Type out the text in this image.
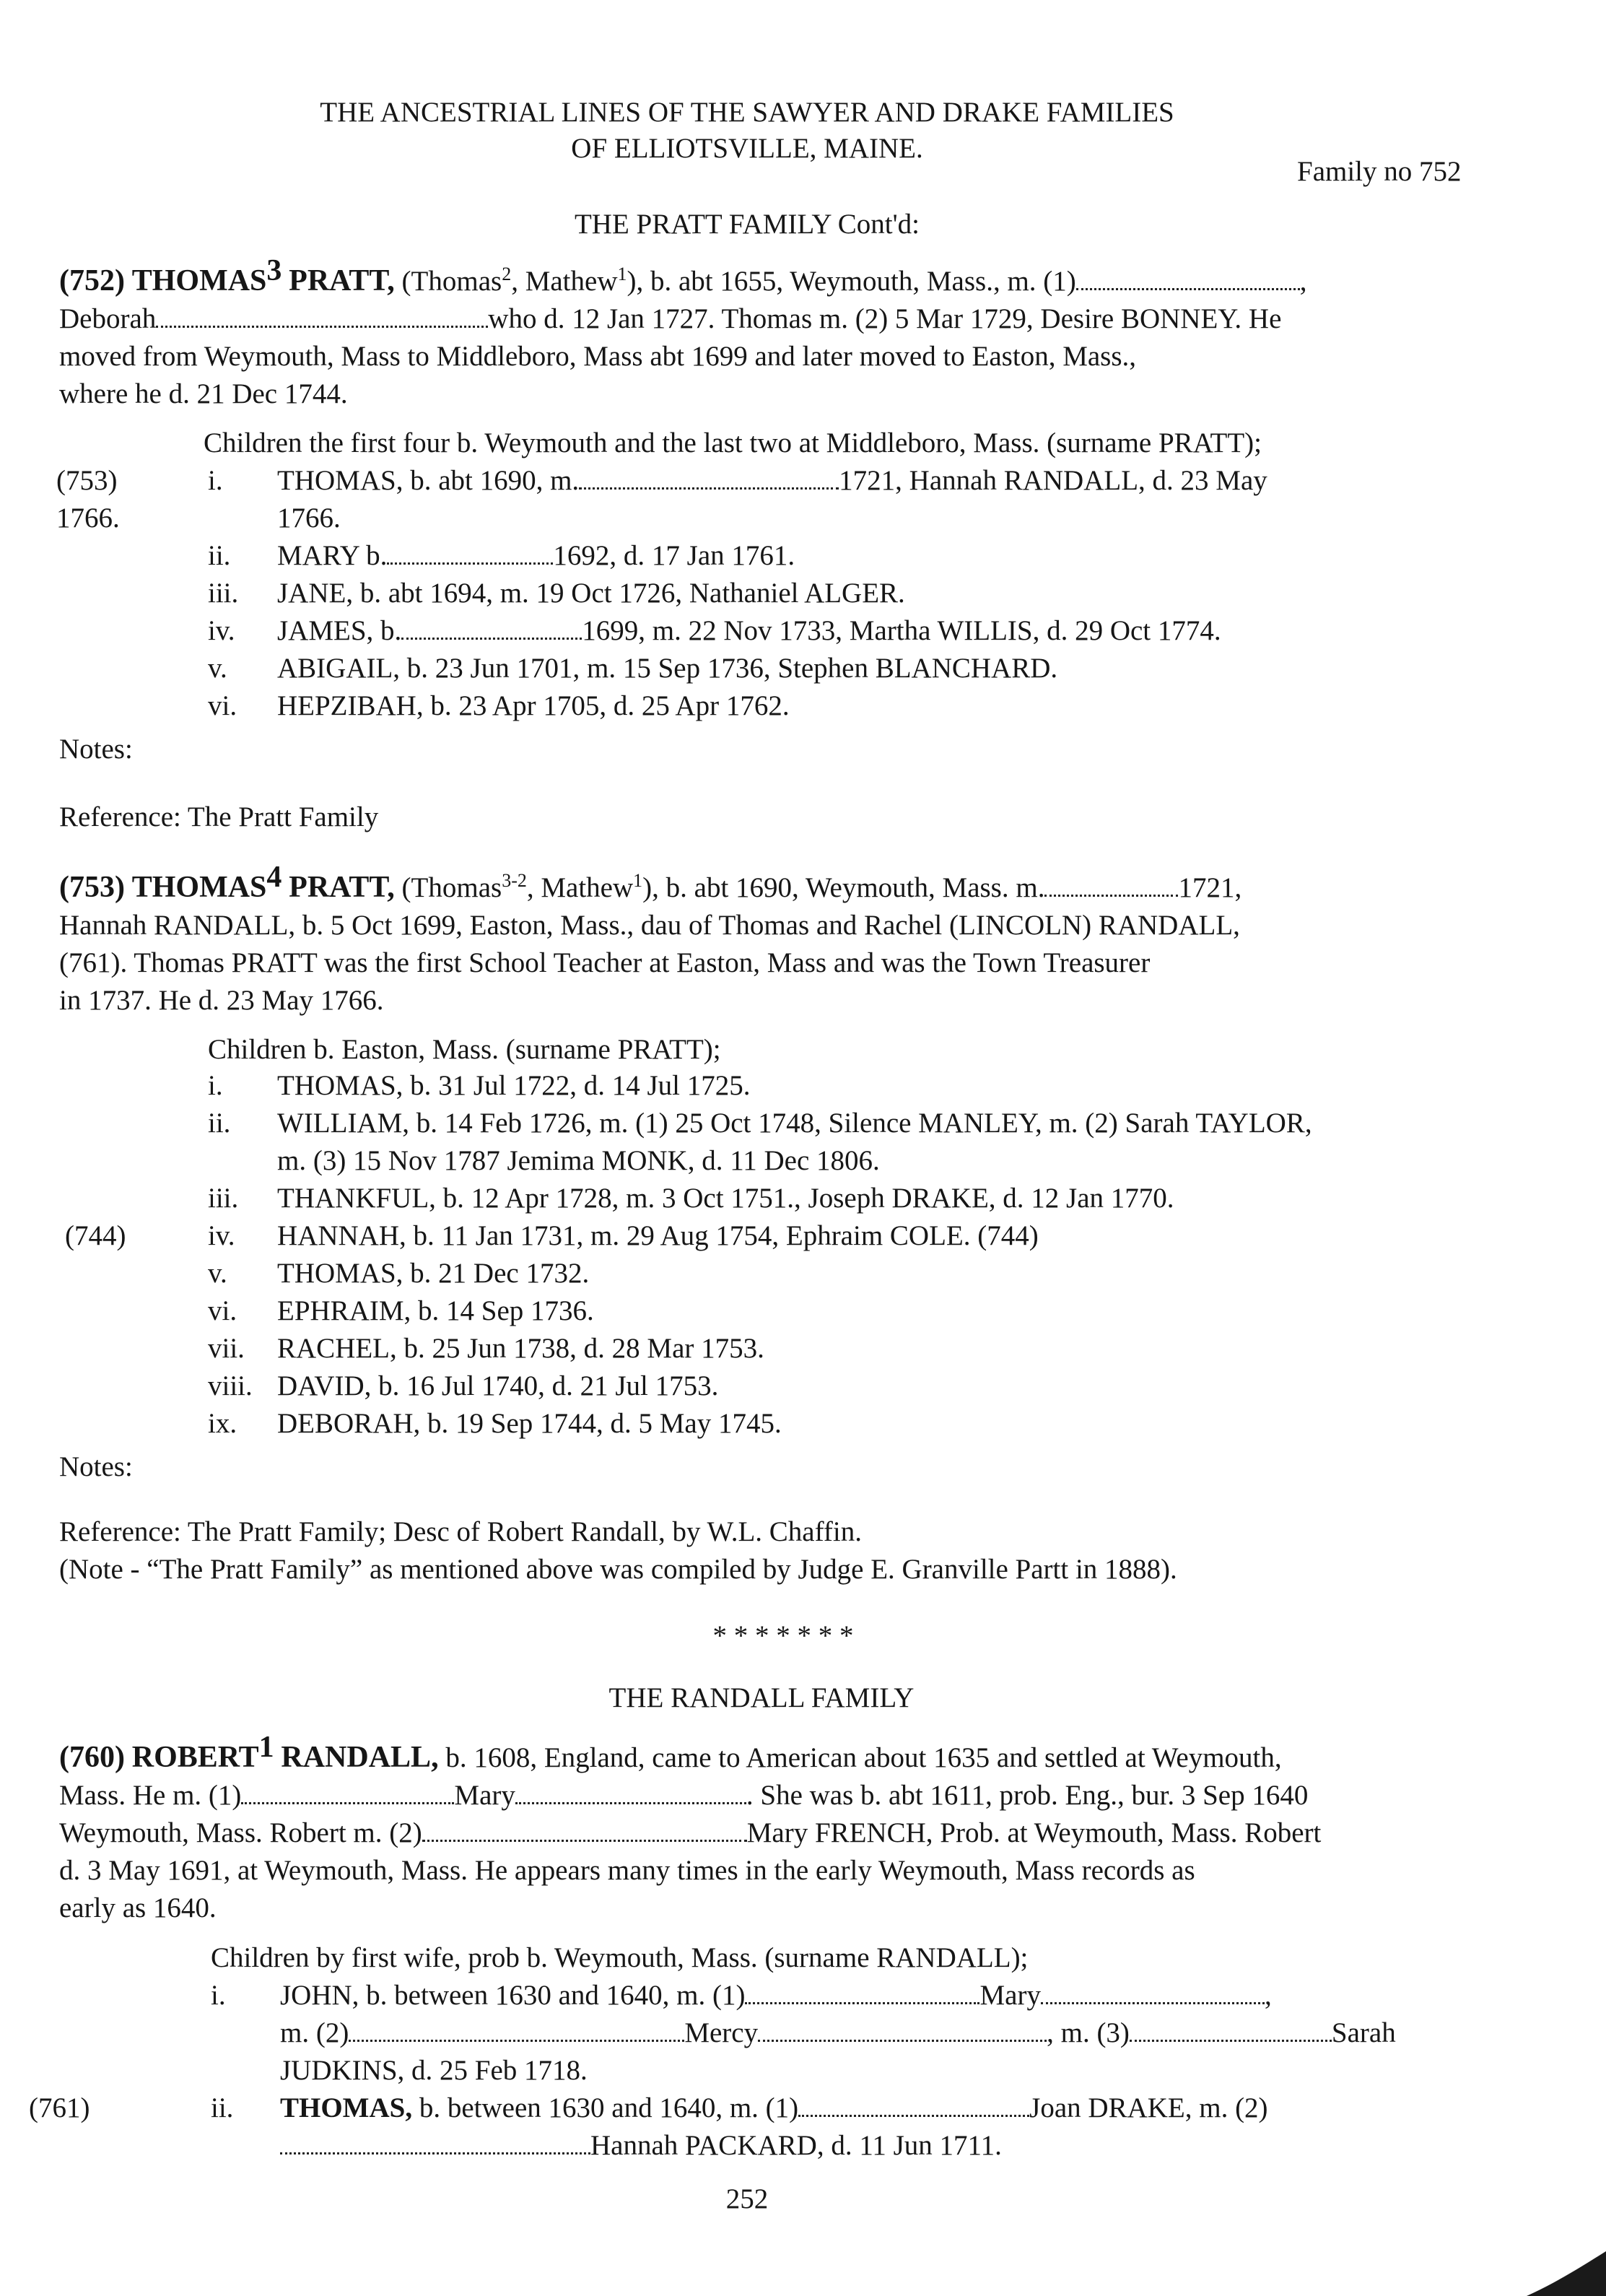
THE ANCESTRIAL LINES OF THE SAWYER AND DRAKE FAMILIES
OF ELLIOTSVILLE, MAINE.
Family no 752
THE PRATT FAMILY Cont'd:
(752) THOMAS$^3$ PRATT, (Thomas$^2$, Mathew$^1$), b. abt 1655, Weymouth, Mass., m. (1)	,
Deborah	who d. 12 Jan 1727. Thomas m. (2) 5 Mar 1729, Desire BONNEY. He
moved from Weymouth, Mass to Middleboro, Mass abt 1699 and later moved to Easton, Mass.,
where he d. 21 Dec 1744.
Children the first four b. Weymouth and the last two at Middleboro, Mass. (surname PRATT);
(753)	i. THOMAS, b. abt 1690, m.	1721, Hannah RANDALL, d. 23 May
1766.	1766.
ii. MARY b.	1692, d. 17 Jan 1761.
iii. JANE, b. abt 1694, m. 19 Oct 1726, Nathaniel ALGER.
iv. JAMES, b.	1699, m. 22 Nov 1733, Martha WILLIS, d. 29 Oct 1774.
v. ABIGAIL, b. 23 Jun 1701, m. 15 Sep 1736, Stephen BLANCHARD.
vi. HEPZIBAH, b. 23 Apr 1705, d. 25 Apr 1762.
Notes:
Reference: The Pratt Family
(753) THOMAS$^4$ PRATT, (Thomas$^{3-2}$, Mathew$^1$), b. abt 1690, Weymouth, Mass. m.	1721,
Hannah RANDALL, b. 5 Oct 1699, Easton, Mass., dau of Thomas and Rachel (LINCOLN) RANDALL,
(761). Thomas PRATT was the first School Teacher at Easton, Mass and was the Town Treasurer
in 1737. He d. 23 May 1766.
Children b. Easton, Mass. (surname PRATT);
i. THOMAS, b. 31 Jul 1722, d. 14 Jul 1725.
ii. WILLIAM, b. 14 Feb 1726, m. (1) 25 Oct 1748, Silence MANLEY, m. (2) Sarah TAYLOR,
m. (3) 15 Nov 1787 Jemima MONK, d. 11 Dec 1806.
iii. THANKFUL, b. 12 Apr 1728, m. 3 Oct 1751., Joseph DRAKE, d. 12 Jan 1770.
(744)	iv. HANNAH, b. 11 Jan 1731, m. 29 Aug 1754, Ephraim COLE. (744)
v. THOMAS, b. 21 Dec 1732.
vi. EPHRAIM, b. 14 Sep 1736.
vii. RACHEL, b. 25 Jun 1738, d. 28 Mar 1753.
viii. DAVID, b. 16 Jul 1740, d. 21 Jul 1753.
ix. DEBORAH, b. 19 Sep 1744, d. 5 May 1745.
Notes:
Reference: The Pratt Family; Desc of Robert Randall, by W.L. Chaffin.
(Note - “The Pratt Family” as mentioned above was compiled by Judge E. Granville Partt in 1888).
* * * * * * *
THE RANDALL FAMILY
(760) ROBERT$^1$ RANDALL, b. 1608, England, came to American about 1635 and settled at Weymouth,
Mass. He m. (1)	Mary	. She was b. abt 1611, prob. Eng., bur. 3 Sep 1640
Weymouth, Mass. Robert m. (2)	Mary FRENCH, Prob. at Weymouth, Mass. Robert
d. 3 May 1691, at Weymouth, Mass. He appears many times in the early Weymouth, Mass records as
early as 1640.
Children by first wife, prob b. Weymouth, Mass. (surname RANDALL);
i. JOHN, b. between 1630 and 1640, m. (1)	Mary	,
m. (2)	Mercy	, m. (3)	Sarah
JUDKINS, d. 25 Feb 1718.
(761)	ii. THOMAS, b. between 1630 and 1640, m. (1)	Joan DRAKE, m. (2)
Hannah PACKARD, d. 11 Jun 1711.
252
